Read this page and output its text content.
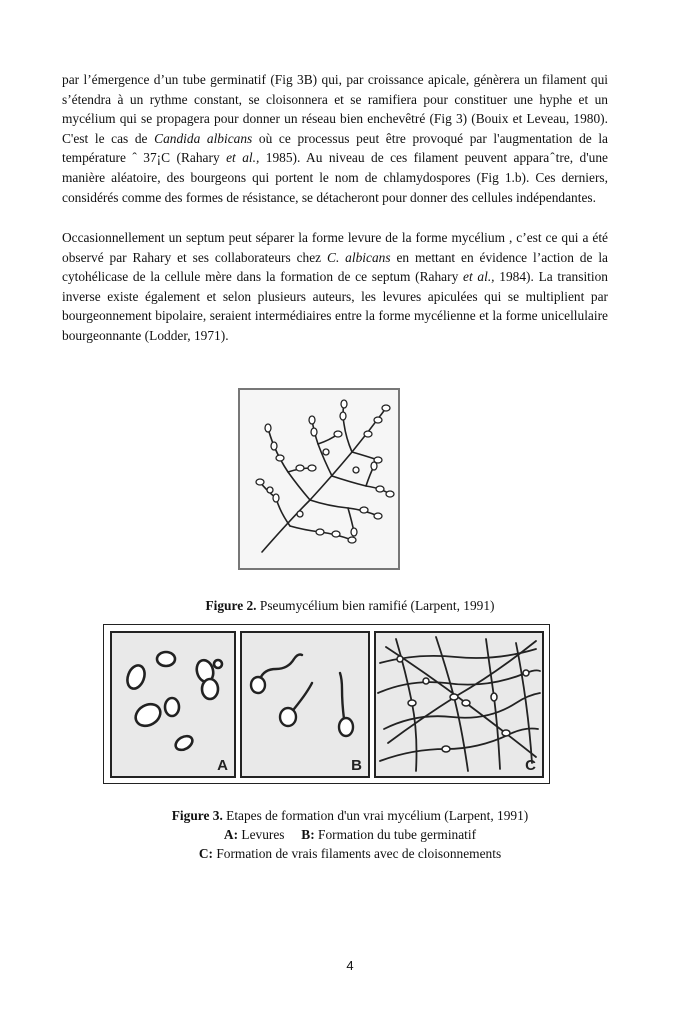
par l’émergence d’un tube germinatif (Fig 3B) qui, par croissance apicale, génèrera un filament qui s’étendra à un rythme constant, se cloisonnera et se ramifiera pour constituer une hyphe et un mycélium qui se propagera pour donner un réseau bien enchevêtré (Fig 3) (Bouix et Leveau, 1980). C'est le cas de Candida albicans où ce processus peut être provoqué par l'augmentation de la température ˆ 37¡C (Rahary et al., 1985). Au niveau de ces filament peuvent appara ̂tre, d'une manière aléatoire, des bourgeons qui portent le nom de chlamydospores (Fig 1.b). Ces derniers, considérés comme des formes de résistance, se détacheront pour donner des cellules indépendantes.

Occasionnellement un septum peut séparer la forme levure de la forme mycélium , c’est ce qui a été observé par Rahary et ses collaborateurs chez C. albicans en mettant en évidence l’action de la cytohélicase de la cellule mère dans la formation de ce septum (Rahary et al., 1984). La transition inverse existe également et selon plusieurs auteurs, les levures apiculées qui se multiplient par bourgeonnement bipolaire, seraient intermédiaires entre la forme mycélienne et la forme unicellulaire bourgeonnante (Lodder, 1971).

Figure 2. Pseumycélium bien ramifié (Larpent, 1991)
A	B	C
Figure 3. Etapes de formation d'un vrai mycélium (Larpent, 1991)
A: Levures B: Formation du tube germinatif
C: Formation de vrais filaments avec de cloisonnements
4
